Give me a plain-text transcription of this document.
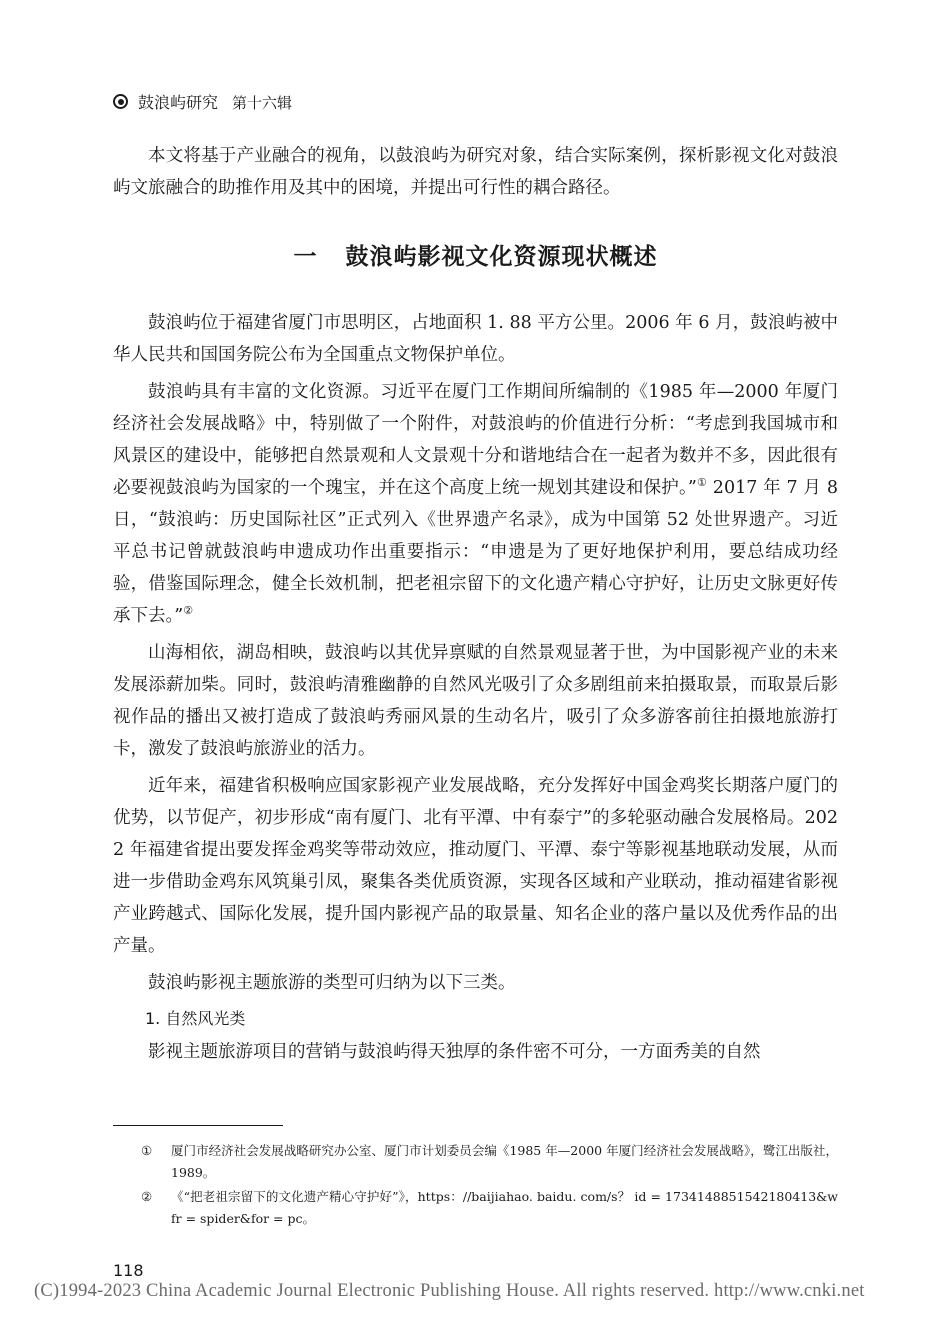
鼓浪屿研究 第十六辑

本文将基于产业融合的视角，以鼓浪屿为研究对象，结合实际案例，探析影视文化对鼓浪屿文旅融合的助推作用及其中的困境，并提出可行性的耦合路径。

一 鼓浪屿影视文化资源现状概述

鼓浪屿位于福建省厦门市思明区，占地面积 1. 88 平方公里。2006 年 6 月，鼓浪屿被中华人民共和国国务院公布为全国重点文物保护单位。

鼓浪屿具有丰富的文化资源。习近平在厦门工作期间所编制的《1985 年—2000 年厦门经济社会发展战略》中，特别做了一个附件，对鼓浪屿的价值进行分析：“考虑到我国城市和风景区的建设中，能够把自然景观和人文景观十分和谐地结合在一起者为数并不多，因此很有必要视鼓浪屿为国家的一个瑰宝，并在这个高度上统一规划其建设和保护。”① 2017 年 7 月 8 日，“鼓浪屿：历史国际社区”正式列入《世界遗产名录》，成为中国第 52 处世界遗产。习近平总书记曾就鼓浪屿申遗成功作出重要指示：“申遗是为了更好地保护利用，要总结成功经验，借鉴国际理念，健全长效机制，把老祖宗留下的文化遗产精心守护好，让历史文脉更好传承下去。”②

山海相依，湖岛相映，鼓浪屿以其优异禀赋的自然景观显著于世，为中国影视产业的未来发展添薪加柴。同时，鼓浪屿清雅幽静的自然风光吸引了众多剧组前来拍摄取景，而取景后影视作品的播出又被打造成了鼓浪屿秀丽风景的生动名片，吸引了众多游客前往拍摄地旅游打卡，激发了鼓浪屿旅游业的活力。

近年来，福建省积极响应国家影视产业发展战略，充分发挥好中国金鸡奖长期落户厦门的优势，以节促产，初步形成“南有厦门、北有平潭、中有泰宁”的多轮驱动融合发展格局。2022 年福建省提出要发挥金鸡奖等带动效应，推动厦门、平潭、泰宁等影视基地联动发展，从而进一步借助金鸡东风筑巢引凤，聚集各类优质资源，实现各区域和产业联动，推动福建省影视产业跨越式、国际化发展，提升国内影视产品的取景量、知名企业的落户量以及优秀作品的出产量。

鼓浪屿影视主题旅游的类型可归纳为以下三类。

1. 自然风光类

影视主题旅游项目的营销与鼓浪屿得天独厚的条件密不可分，一方面秀美的自然

①	厦门市经济社会发展战略研究办公室、厦门市计划委员会编《1985 年—2000 年厦门经济社会发展战略》，鹭江出版社，1989。
②	《“把老祖宗留下的文化遗产精心守护好”》，https：//baijiahao. baidu. com/s？ id = 1734148851542180413&wfr = spider&for = pc。
118
(C)1994-2023 China Academic Journal Electronic Publishing House. All rights reserved. http://www.cnki.net
